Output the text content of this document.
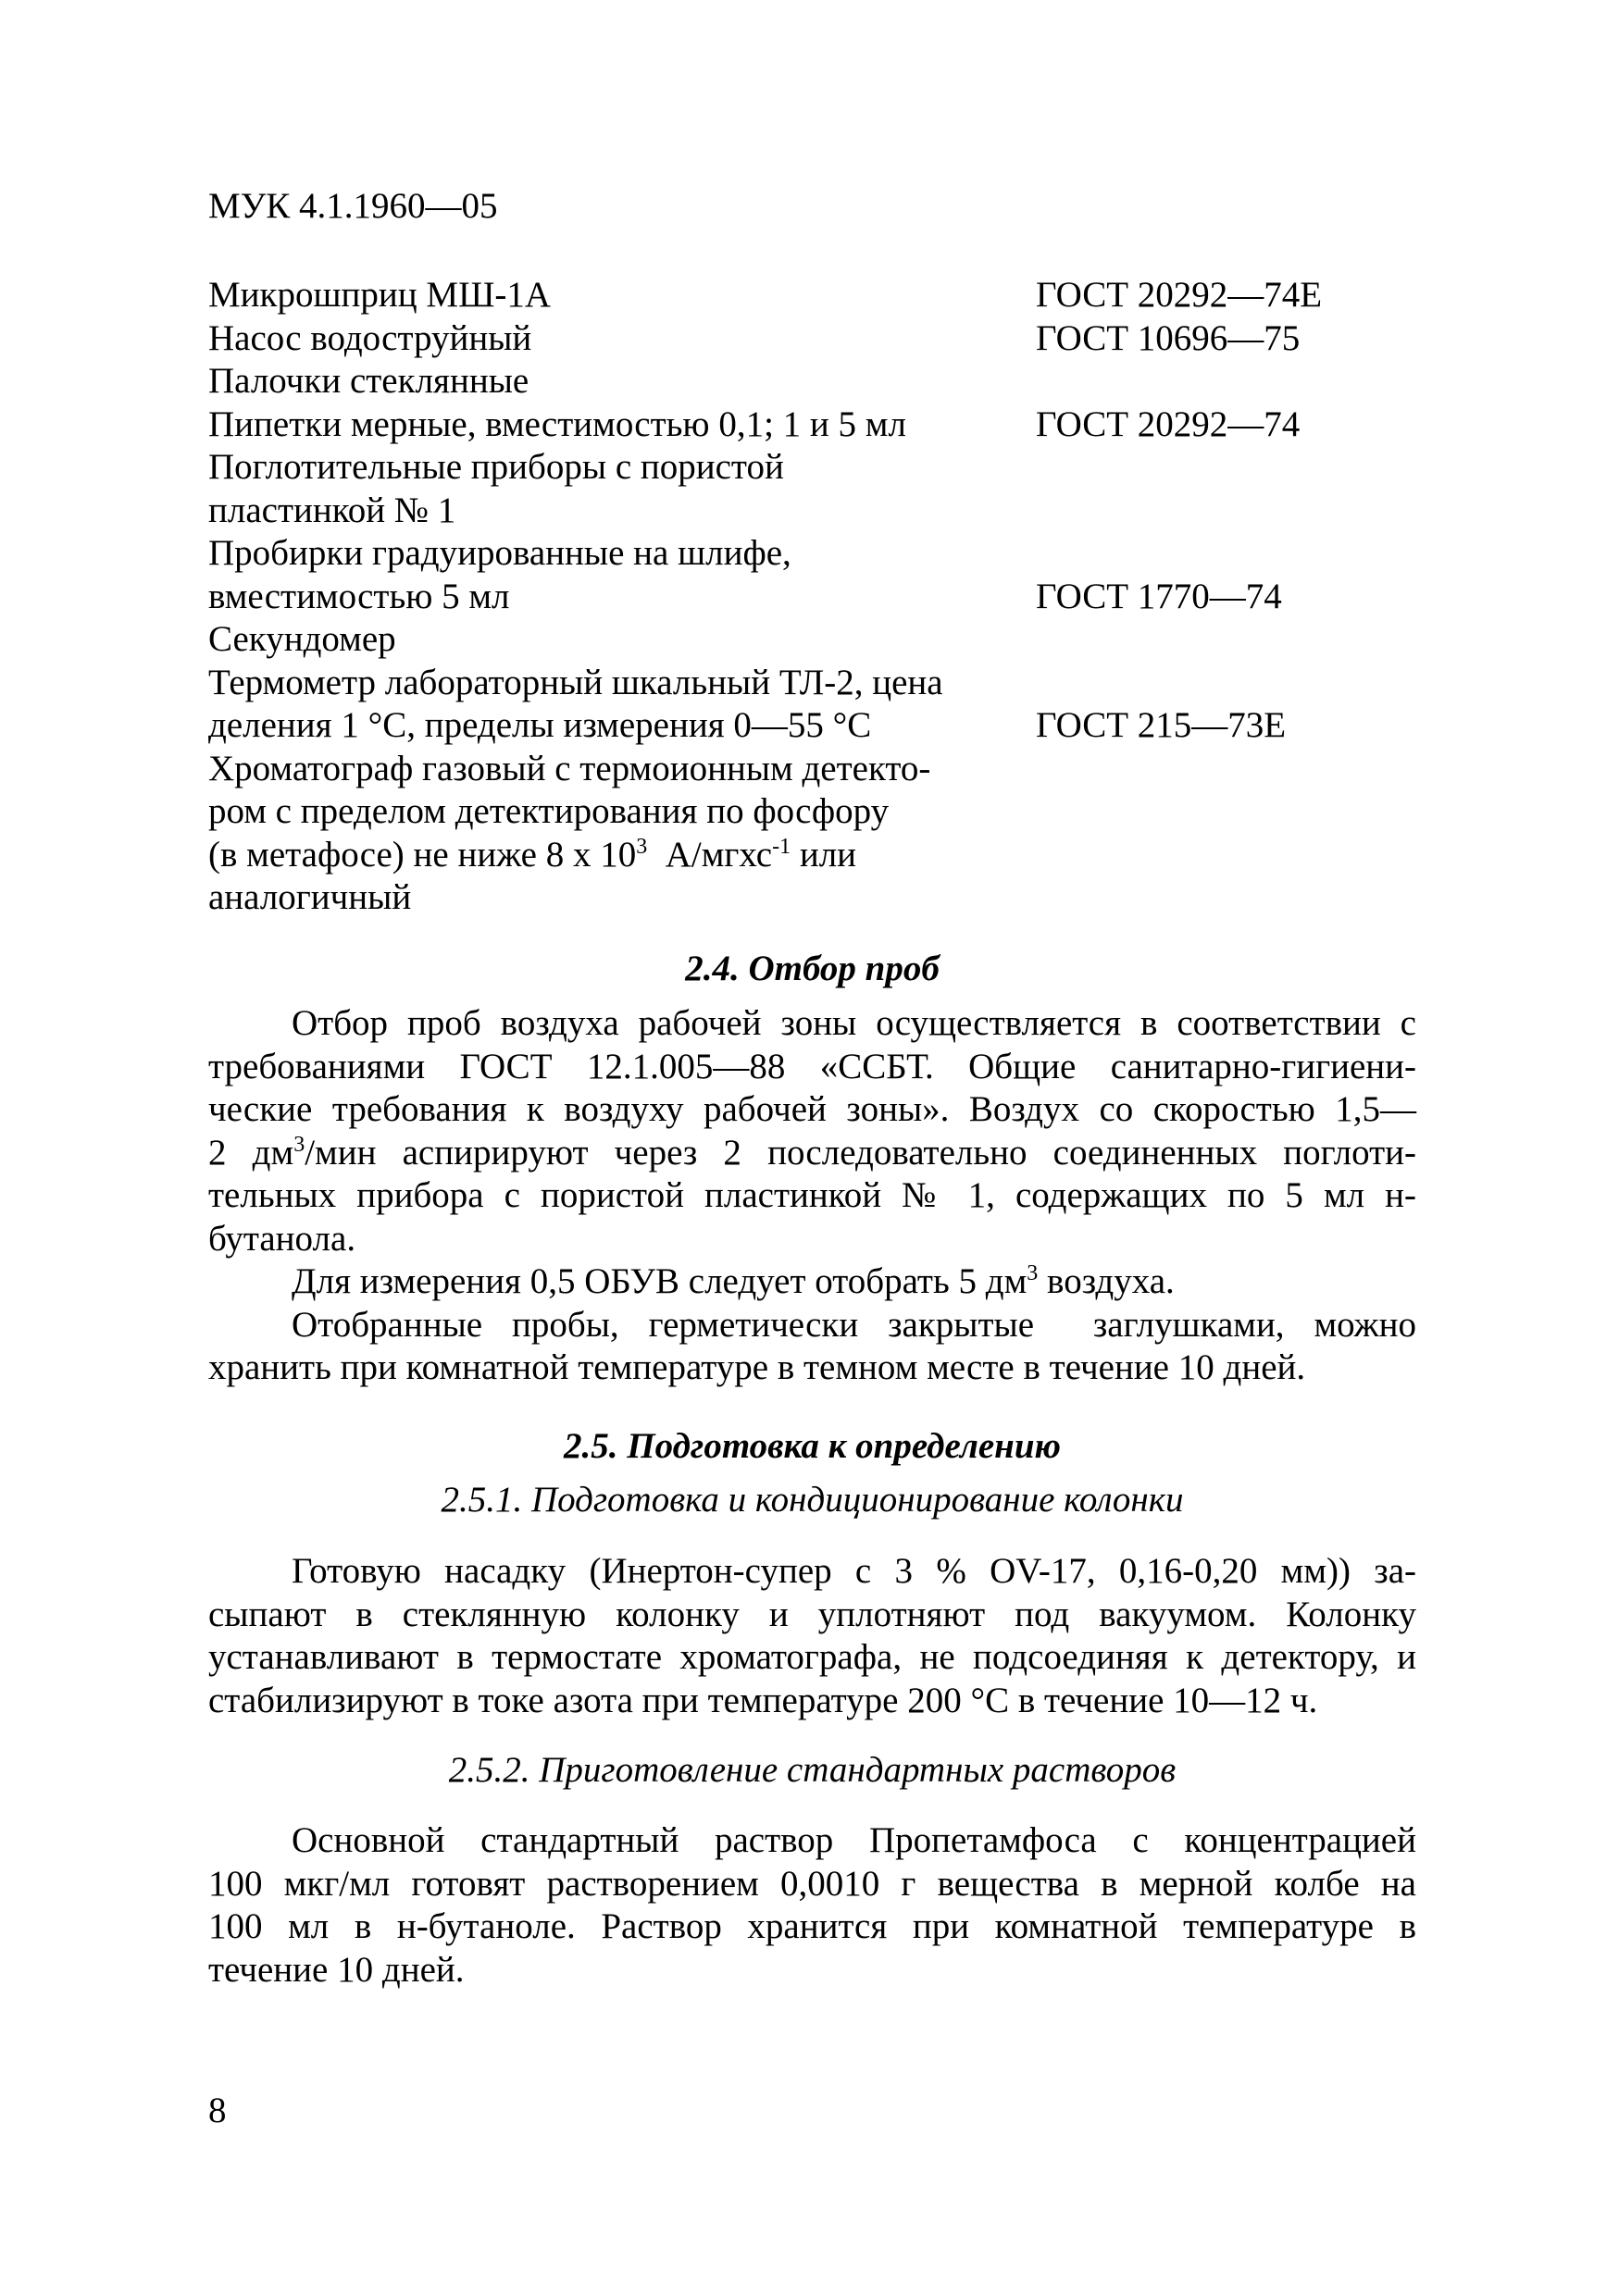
МУК 4.1.1960—05
Микрошприц МШ-1А	ГОСТ 20292—74Е
Насос водоструйный	ГОСТ 10696—75
Палочки стеклянные
Пипетки мерные, вместимостью 0,1; 1 и 5 мл	ГОСТ 20292—74
Поглотительные приборы с пористой
пластинкой № 1
Пробирки градуированные на шлифе,
вместимостью 5 мл	ГОСТ 1770—74
Секундомер
Термометр лабораторный шкальный ТЛ-2, цена
деления 1 °С, пределы измерения 0—55 °С	ГОСТ 215—73Е
Хроматограф газовый с термоионным детекто-
ром с пределом детектирования по фосфору
(в метафосе) не ниже 8 х $10^3$  А/мгхс$^{-1}$ или
аналогичный
2.4. Отбор проб
Отбор проб воздуха рабочей зоны осуществляется в соответствии с
требованиями ГОСТ 12.1.005—88 «ССБТ. Общие санитарно-гигиени-
ческие требования к воздуху рабочей зоны». Воздух со скоростью 1,5—
2 $дм^3$/мин аспирируют через 2 последовательно соединенных поглоти-
тельных прибора с пористой пластинкой № 1, содержащих по 5 мл н-
бутанола.
Для измерения 0,5 ОБУВ следует отобрать 5 $дм^3$ воздуха.
Отобранные пробы, герметически закрытые  заглушками, можно
хранить при комнатной температуре в темном месте в течение 10 дней.
2.5. Подготовка к определению
2.5.1. Подготовка и кондиционирование колонки
Готовую насадку (Инертон-супер с 3 % OV-17, 0,16-0,20 мм)) за-
сыпают в стеклянную колонку и уплотняют под вакуумом. Колонку
устанавливают в термостате хроматографа, не подсоединяя к детектору, и
стабилизируют в токе азота при температуре 200 °С в течение 10—12 ч.
2.5.2. Приготовление стандартных растворов
Основной стандартный раствор Пропетамфоса с концентрацией
100 мкг/мл готовят растворением 0,0010 г вещества в мерной колбе на
100 мл в н-бутаноле. Раствор хранится при комнатной температуре в
течение 10 дней.
8
